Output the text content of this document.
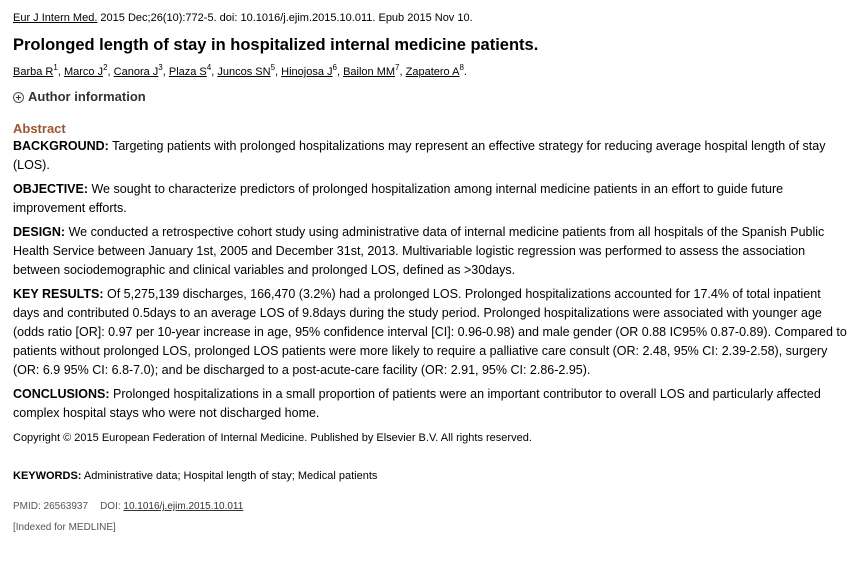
Eur J Intern Med. 2015 Dec;26(10):772-5. doi: 10.1016/j.ejim.2015.10.011. Epub 2015 Nov 10.
Prolonged length of stay in hospitalized internal medicine patients.
Barba $R^1$, Marco $J^2$, Canora $J^3$, Plaza $S^4$, Juncos $SN^5$, Hinojosa $J^6$, Bailon $MM^7$, Zapatero $A^8$.
Author information
Abstract
BACKGROUND: Targeting patients with prolonged hospitalizations may represent an effective strategy for reducing average hospital length of stay (LOS).
OBJECTIVE: We sought to characterize predictors of prolonged hospitalization among internal medicine patients in an effort to guide future improvement efforts.
DESIGN: We conducted a retrospective cohort study using administrative data of internal medicine patients from all hospitals of the Spanish Public Health Service between January 1st, 2005 and December 31st, 2013. Multivariable logistic regression was performed to assess the association between sociodemographic and clinical variables and prolonged LOS, defined as >30days.
KEY RESULTS: Of 5,275,139 discharges, 166,470 (3.2%) had a prolonged LOS. Prolonged hospitalizations accounted for 17.4% of total inpatient days and contributed 0.5days to an average LOS of 9.8days during the study period. Prolonged hospitalizations were associated with younger age (odds ratio [OR]: 0.97 per 10-year increase in age, 95% confidence interval [CI]: 0.96-0.98) and male gender (OR 0.88 IC95% 0.87-0.89). Compared to patients without prolonged LOS, prolonged LOS patients were more likely to require a palliative care consult (OR: 2.48, 95% CI: 2.39-2.58), surgery (OR: 6.9 95% CI: 6.8-7.0); and be discharged to a post-acute-care facility (OR: 2.91, 95% CI: 2.86-2.95).
CONCLUSIONS: Prolonged hospitalizations in a small proportion of patients were an important contributor to overall LOS and particularly affected complex hospital stays who were not discharged home.
Copyright © 2015 European Federation of Internal Medicine. Published by Elsevier B.V. All rights reserved.
KEYWORDS: Administrative data; Hospital length of stay; Medical patients
PMID: 26563937 DOI: 10.1016/j.ejim.2015.10.011
[Indexed for MEDLINE]
